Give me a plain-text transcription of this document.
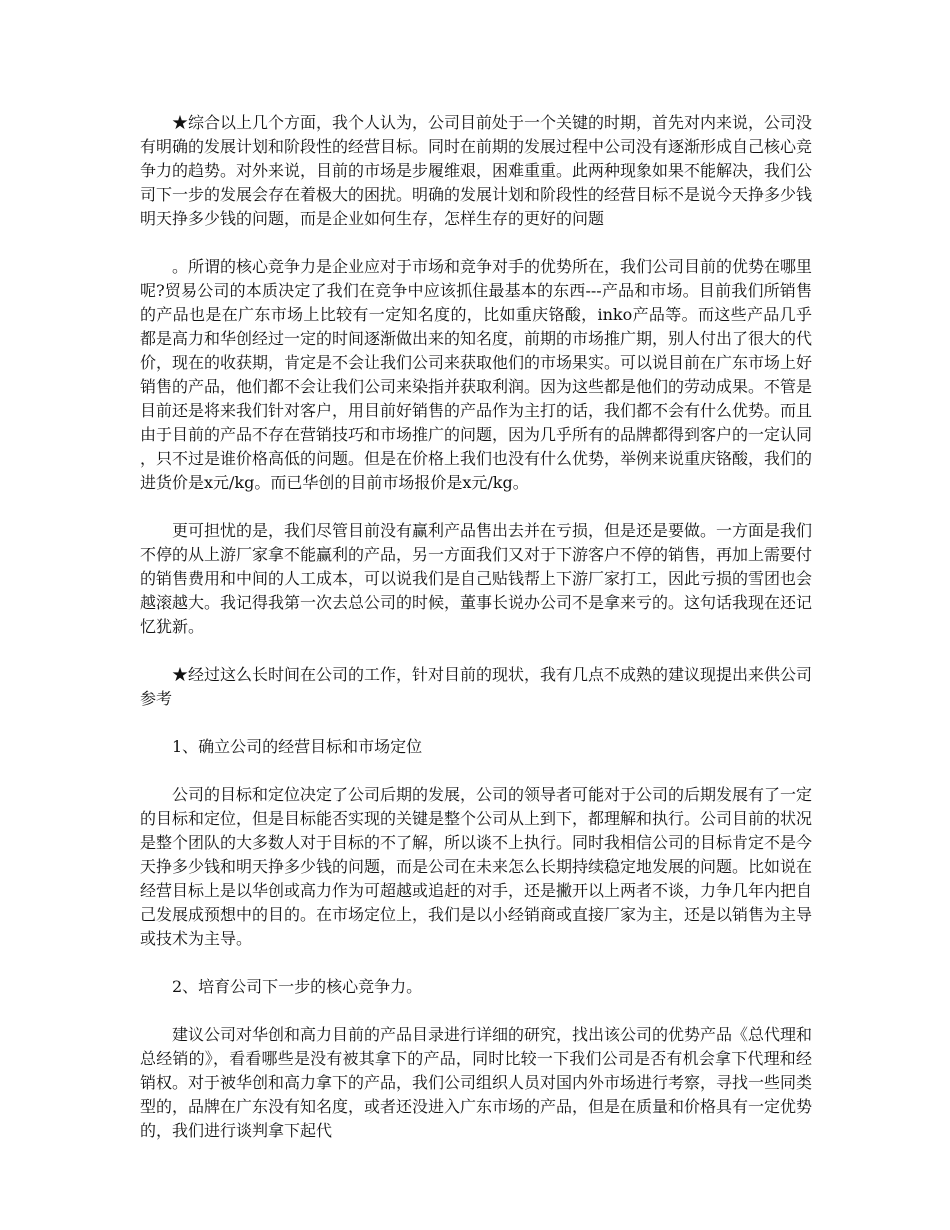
★综合以上几个方面，我个人认为，公司目前处于一个关键的时期，首先对内来说，公司没有明确的发展计划和阶段性的经营目标。同时在前期的发展过程中公司没有逐渐形成自己核心竞争力的趋势。对外来说，目前的市场是步履维艰，困难重重。此两种现象如果不能解决，我们公司下一步的发展会存在着极大的困扰。明确的发展计划和阶段性的经营目标不是说今天挣多少钱明天挣多少钱的问题，而是企业如何生存，怎样生存的更好的问题

。所谓的核心竞争力是企业应对于市场和竞争对手的优势所在，我们公司目前的优势在哪里呢?贸易公司的本质决定了我们在竞争中应该抓住最基本的东西---产品和市场。目前我们所销售的产品也是在广东市场上比较有一定知名度的，比如重庆铬酸，inko产品等。而这些产品几乎都是高力和华创经过一定的时间逐渐做出来的知名度，前期的市场推广期，别人付出了很大的代价，现在的收获期，肯定是不会让我们公司来获取他们的市场果实。可以说目前在广东市场上好销售的产品，他们都不会让我们公司来染指并获取利润。因为这些都是他们的劳动成果。不管是目前还是将来我们针对客户，用目前好销售的产品作为主打的话，我们都不会有什么优势。而且由于目前的产品不存在营销技巧和市场推广的问题，因为几乎所有的品牌都得到客户的一定认同，只不过是谁价格高低的问题。但是在价格上我们也没有什么优势，举例来说重庆铬酸，我们的进货价是x元/kg。而已华创的目前市场报价是x元/kg。

更可担忧的是，我们尽管目前没有赢利产品售出去并在亏损，但是还是要做。一方面是我们不停的从上游厂家拿不能赢利的产品，另一方面我们又对于下游客户不停的销售，再加上需要付的销售费用和中间的人工成本，可以说我们是自己贴钱帮上下游厂家打工，因此亏损的雪团也会越滚越大。我记得我第一次去总公司的时候，董事长说办公司不是拿来亏的。这句话我现在还记忆犹新。

★经过这么长时间在公司的工作，针对目前的现状，我有几点不成熟的建议现提出来供公司参考

1、确立公司的经营目标和市场定位

公司的目标和定位决定了公司后期的发展，公司的领导者可能对于公司的后期发展有了一定的目标和定位，但是目标能否实现的关键是整个公司从上到下，都理解和执行。公司目前的状况是整个团队的大多数人对于目标的不了解，所以谈不上执行。同时我相信公司的目标肯定不是今天挣多少钱和明天挣多少钱的问题，而是公司在未来怎么长期持续稳定地发展的问题。比如说在经营目标上是以华创或高力作为可超越或追赶的对手，还是撇开以上两者不谈，力争几年内把自己发展成预想中的目的。在市场定位上，我们是以小经销商或直接厂家为主，还是以销售为主导或技术为主导。

2、培育公司下一步的核心竞争力。

建议公司对华创和高力目前的产品目录进行详细的研究，找出该公司的优势产品《总代理和总经销的》，看看哪些是没有被其拿下的产品，同时比较一下我们公司是否有机会拿下代理和经销权。对于被华创和高力拿下的产品，我们公司组织人员对国内外市场进行考察，寻找一些同类型的，品牌在广东没有知名度，或者还没进入广东市场的产品，但是在质量和价格具有一定优势的，我们进行谈判拿下起代
